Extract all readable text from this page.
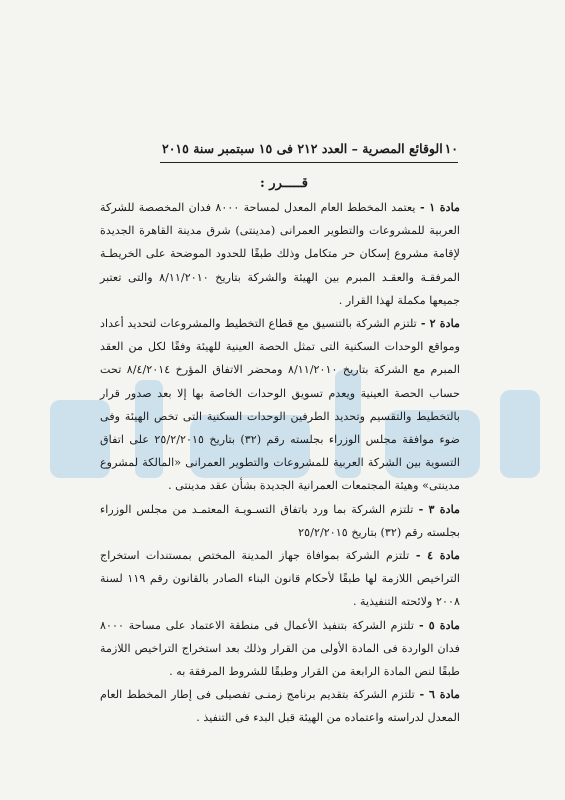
١٠
الوقائع المصرية – العدد ٢١٢ فى ١٥ سبتمبر سنة ٢٠١٥
قـــــرر :
مادة ١ - يعتمد المخطط العام المعدل لمساحة ٨٠٠٠ فدان المخصصة للشركة العربية للمشروعات والتطوير العمرانى (مدينتى) شرق مدينة القاهرة الجديدة لإقامة مشروع إسكان حر متكامل وذلك طبقًا للحدود الموضحة على الخريطـة المرفقـة والعقـد المبرم بين الهيئة والشركة بتاريخ ٨/١١/٢٠١٠ والتى تعتبر جميعها مكملة لهذا القرار .
مادة ٢ - تلتزم الشركة بالتنسيق مع قطاع التخطيط والمشروعات لتحديد أعداد ومواقع الوحدات السكنية التى تمثل الحصة العينية للهيئة وفقًا لكل من العقد المبرم مع الشركة بتاريخ ٨/١١/٢٠١٠ ومحضر الاتفاق المؤرخ ٨/٤/٢٠١٤ تحت حساب الحصة العينية ويعدم تسويق الوحدات الخاصة بها إلا بعد صدور قرار بالتخطيط والتقسيم وتحديد الطرفين الوحدات السكنية التى تخص الهيئة وفى ضوء موافقة مجلس الوزراء بجلسته رقم (٣٢) بتاريخ ٢٥/٢/٢٠١٥ على اتفاق التسوية بين الشركة العربية للمشروعات والتطوير العمرانى «المالكة لمشروع مدينتى» وهيئة المجتمعات العمرانية الجديدة بشأن عقد مدينتى .
مادة ٣ - تلتزم الشركة بما ورد باتفاق التسـويـة المعتمـد من مجلس الوزراء بجلسته رقم (٣٢) بتاريخ ٢٥/٢/٢٠١٥
مادة ٤ - تلتزم الشركة بموافاة جهاز المدينة المختص بمستندات استخراج التراخيص اللازمة لها طبقًا لأحكام قانون البناء الصادر بالقانون رقم ١١٩ لسنة ٢٠٠٨ ولائحته التنفيذية .
مادة ٥ - تلتزم الشركة بتنفيذ الأعمال فى منطقة الاعتماد على مساحة ٨٠٠٠ فدان الواردة فى المادة الأولى من القرار وذلك بعد استخراج التراخيص اللازمة طبقًا لنص المادة الرابعة من القرار وطبقًا للشروط المرفقة به .
مادة ٦ - تلتزم الشركة بتقديم برنامج زمنـى تفصيلى فى إطار المخطط العام المعدل لدراسته واعتماده من الهيئة قبل البدء فى التنفيذ .
